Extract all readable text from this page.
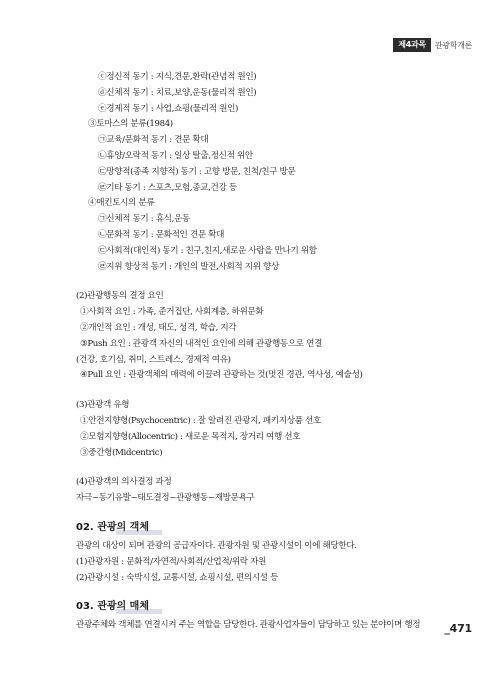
제4과목	관광학개론
ⓒ정신적 동기 : 지식,견문,환락(관념적 원인)
ⓓ신체적 동기 : 치료,보양,운동(물리적 원인)
ⓔ경제적 동기 : 사업,쇼핑(물리적 원인)
③토마스의 분류(1984)
㉠교육/문화적 동기 : 견문 확대
㉡휴양/오락적 동기 : 일상 탈출,정신적 위안
㉢망향적(종족 지향적) 동기 : 고향 방문, 친척/친구 방문
㉣기타 동기 : 스포츠,모험,종교,건강 등
④매킨토시의 분류
㉠신체적 동기 : 휴식,운동
㉡문화적 동기 : 문화적인 견문 확대
㉢사회적(대인적) 동기 : 친구,친지,새로운 사람을 만나기 위함
㉣지위 향상적 동기 : 개인의 발전,사회적 지위 향상
(2)관광행동의 결정 요인
①사회적 요인 : 가족, 준거집단, 사회계층, 하위문화
②개인적 요인 : 개성, 태도, 성격, 학습, 지각
③Push 요인 : 관광객 자신의 내적인 요인에 의해 관광행동으로 연결
(건강, 호기심, 취미, 스트레스, 경제적 여유)
④Pull 요인 : 관광객체의 매력에 이끌려 관광하는 것(멋진 경관, 역사성, 예술성)
(3)관광객 유형
①안전지향형(Psychocentric) : 잘 알려진 관광지, 패키지상품 선호
②모험지향형(Allocentric) : 새로운 목적지, 장거리 여행 선호
③중간형(Midcentric)
(4)관광객의 의사결정 과정
자극~동기유발~태도결정~관광행동~재방문욕구
02. 관광의 객체
관광의 대상이 되며 관광의 공급자이다. 관광자원 및 관광시설이 이에 해당한다.
(1)관광자원 : 문화적/자연적/사회적/산업적/위락 자원
(2)관광시설 : 숙박시설, 교통시설, 쇼핑시설, 편의시설 등
03. 관광의 매체
관광주체와 객체를 연결시켜 주는 역할을 담당한다. 관광사업자들이 담당하고 있는 분야이며 행정	_471
